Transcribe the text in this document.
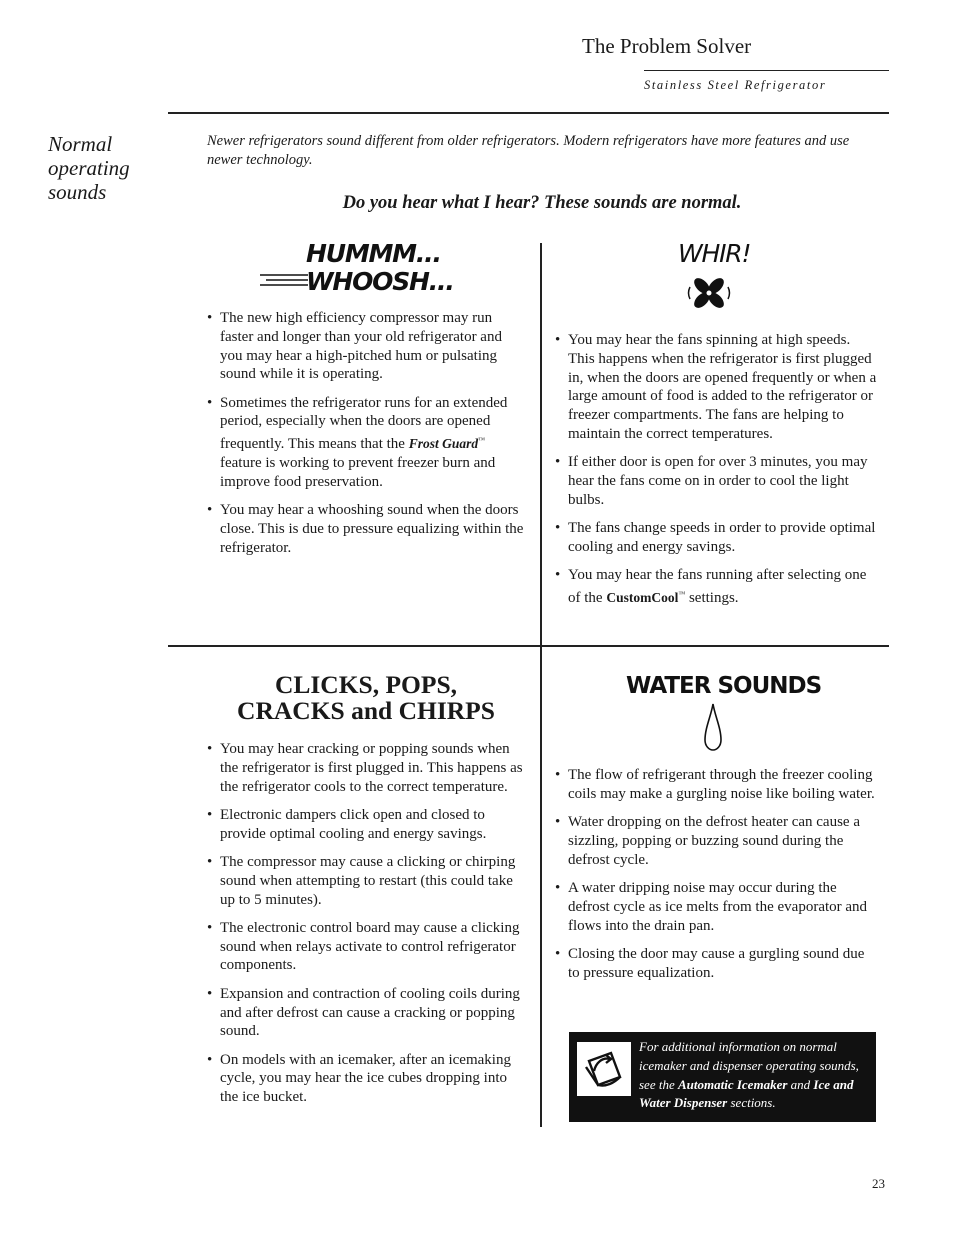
The Problem Solver
Stainless Steel Refrigerator
Normal
operating
sounds
Newer refrigerators sound different from older refrigerators. Modern refrigerators have more features and use newer technology.
Do you hear what I hear? These sounds are normal.
HUMMM...
WHOOSH...
• The new high efficiency compressor may run faster and longer than your old refrigerator and you may hear a high-pitched hum or pulsating sound while it is operating.
• Sometimes the refrigerator runs for an extended period, especially when the doors are opened frequently. This means that the Frost Guard™ feature is working to prevent freezer burn and improve food preservation.
• You may hear a whooshing sound when the doors close. This is due to pressure equalizing within the refrigerator.
WHIR!
• You may hear the fans spinning at high speeds. This happens when the refrigerator is first plugged in, when the doors are opened frequently or when a large amount of food is added to the refrigerator or freezer compartments. The fans are helping to maintain the correct temperatures.
• If either door is open for over 3 minutes, you may hear the fans come on in order to cool the light bulbs.
• The fans change speeds in order to provide optimal cooling and energy savings.
• You may hear the fans running after selecting one of the CustomCool™ settings.
CLICKS, POPS,
CRACKS and CHIRPS
• You may hear cracking or popping sounds when the refrigerator is first plugged in. This happens as the refrigerator cools to the correct temperature.
• Electronic dampers click open and closed to provide optimal cooling and energy savings.
• The compressor may cause a clicking or chirping sound when attempting to restart (this could take up to 5 minutes).
• The electronic control board may cause a clicking sound when relays activate to control refrigerator components.
• Expansion and contraction of cooling coils during and after defrost can cause a cracking or popping sound.
• On models with an icemaker, after an icemaking cycle, you may hear the ice cubes dropping into the ice bucket.
WATER SOUNDS
• The flow of refrigerant through the freezer cooling coils may make a gurgling noise like boiling water.
• Water dropping on the defrost heater can cause a sizzling, popping or buzzing sound during the defrost cycle.
• A water dripping noise may occur during the defrost cycle as ice melts from the evaporator and flows into the drain pan.
• Closing the door may cause a gurgling sound due to pressure equalization.
For additional information on normal icemaker and dispenser operating sounds, see the Automatic Icemaker and Ice and Water Dispenser sections.
23
